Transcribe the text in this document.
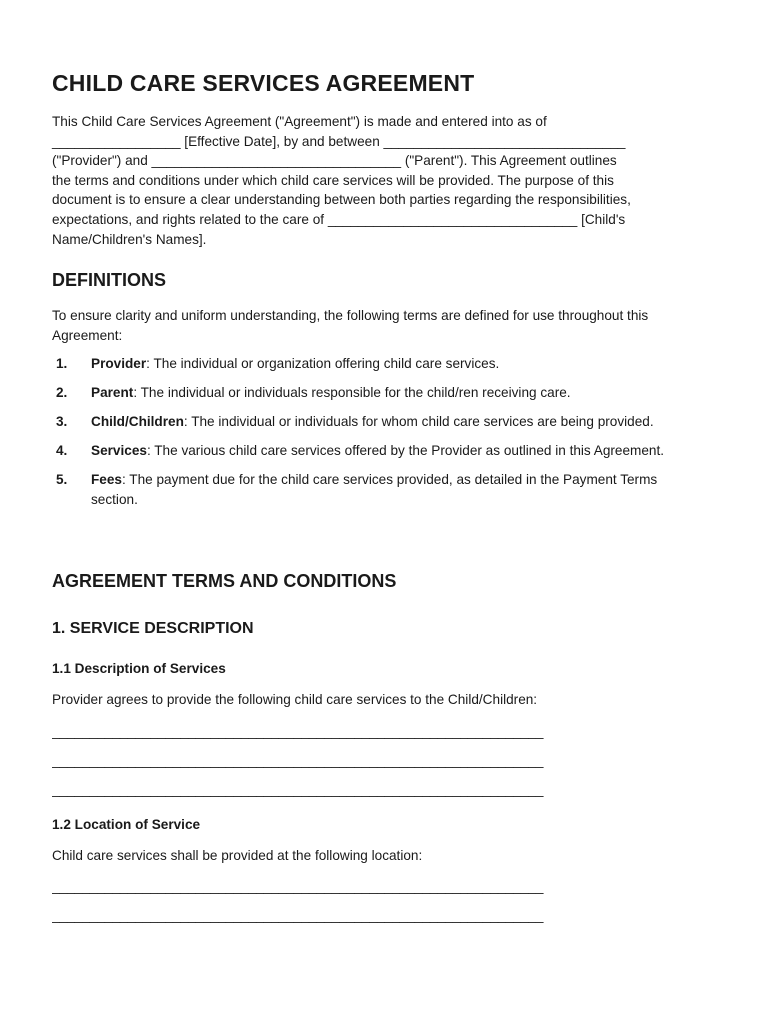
CHILD CARE SERVICES AGREEMENT
This Child Care Services Agreement ("Agreement") is made and entered into as of
_________________ [Effective Date], by and between ________________________________
("Provider") and _________________________________ ("Parent"). This Agreement outlines
the terms and conditions under which child care services will be provided. The purpose of this
document is to ensure a clear understanding between both parties regarding the responsibilities,
expectations, and rights related to the care of _________________________________ [Child's
Name/Children's Names].
DEFINITIONS

To ensure clarity and uniform understanding, the following terms are defined for use throughout this Agreement:

1. Provider: The individual or organization offering child care services.
2. Parent: The individual or individuals responsible for the child/ren receiving care.
3. Child/Children: The individual or individuals for whom child care services are being provided.
4. Services: The various child care services offered by the Provider as outlined in this Agreement.
5. Fees: The payment due for the child care services provided, as detailed in the Payment Terms section.
AGREEMENT TERMS AND CONDITIONS
1. SERVICE DESCRIPTION
1.1 Description of Services

Provider agrees to provide the following child care services to the Child/Children:

_________________________________________________________________
_________________________________________________________________
_________________________________________________________________
1.2 Location of Service

Child care services shall be provided at the following location:

_________________________________________________________________
_________________________________________________________________
